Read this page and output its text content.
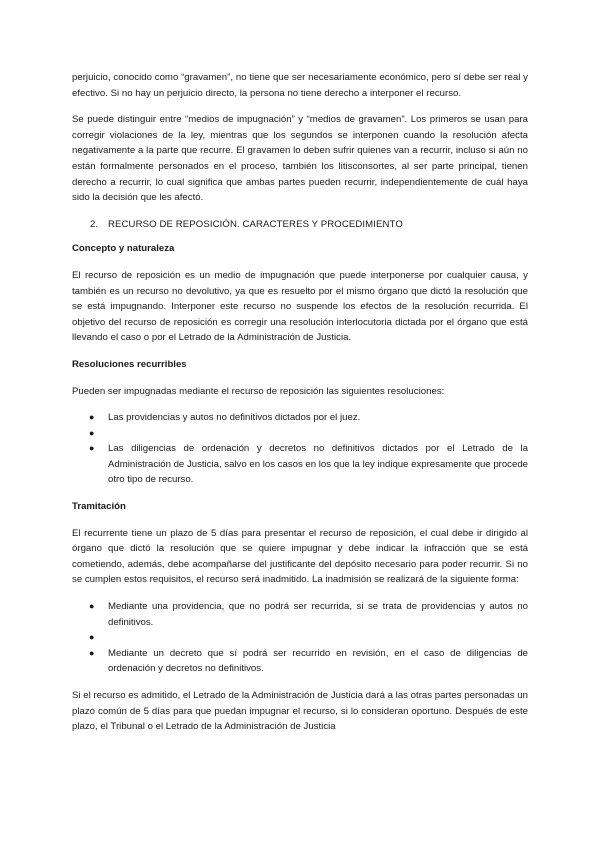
perjuicio, conocido como “gravamen”, no tiene que ser necesariamente económico, pero sí debe ser real y efectivo. Si no hay un perjuicio directo, la persona no tiene derecho a interponer el recurso.

Se puede distinguir entre “medios de impugnación” y “medios de gravamen”. Los primeros se usan para corregir violaciones de la ley, mientras que los segundos se interponen cuando la resolución afecta negativamente a la parte que recurre. El gravamen lo deben sufrir quienes van a recurrir, incluso si aún no están formalmente personados en el proceso, también los litisconsortes, al ser parte principal, tienen derecho a recurrir, lo cual significa que ambas partes pueden recurrir, independientemente de cuál haya sido la decisión que les afectó.

2. RECURSO DE REPOSICIÓN. CARACTERES Y PROCEDIMIENTO
Concepto y naturaleza

El recurso de reposición es un medio de impugnación que puede interponerse por cualquier causa, y también es un recurso no devolutivo, ya que es resuelto por el mismo órgano que dictó la resolución que se está impugnando. Interponer este recurso no suspende los efectos de la resolución recurrida. El objetivo del recurso de reposición es corregir una resolución interlocutoria dictada por el órgano que está llevando el caso o por el Letrado de la Administración de Justicia.

Resoluciones recurribles

Pueden ser impugnadas mediante el recurso de reposición las siguientes resoluciones:

● Las providencias y autos no definitivos dictados por el juez.
●
● Las diligencias de ordenación y decretos no definitivos dictados por el Letrado de la Administración de Justicia, salvo en los casos en los que la ley indique expresamente que procede otro tipo de recurso.
Tramitación

El recurrente tiene un plazo de 5 días para presentar el recurso de reposición, el cual debe ir dirigido al órgano que dictó la resolución que se quiere impugnar y debe indicar la infracción que se está cometiendo, además, debe acompañarse del justificante del depósito necesario para poder recurrir. Si no se cumplen estos requisitos, el recurso será inadmitido. La inadmisión se realizará de la siguiente forma:

● Mediante una providencia, que no podrá ser recurrida, si se trata de providencias y autos no definitivos.
●
● Mediante un decreto que sí podrá ser recurrido en revisión, en el caso de diligencias de ordenación y decretos no definitivos.

Si el recurso es admitido, el Letrado de la Administración de Justicia dará a las otras partes personadas un plazo común de 5 días para que puedan impugnar el recurso, si lo consideran oportuno. Después de este plazo, el Tribunal o el Letrado de la Administración de Justicia
